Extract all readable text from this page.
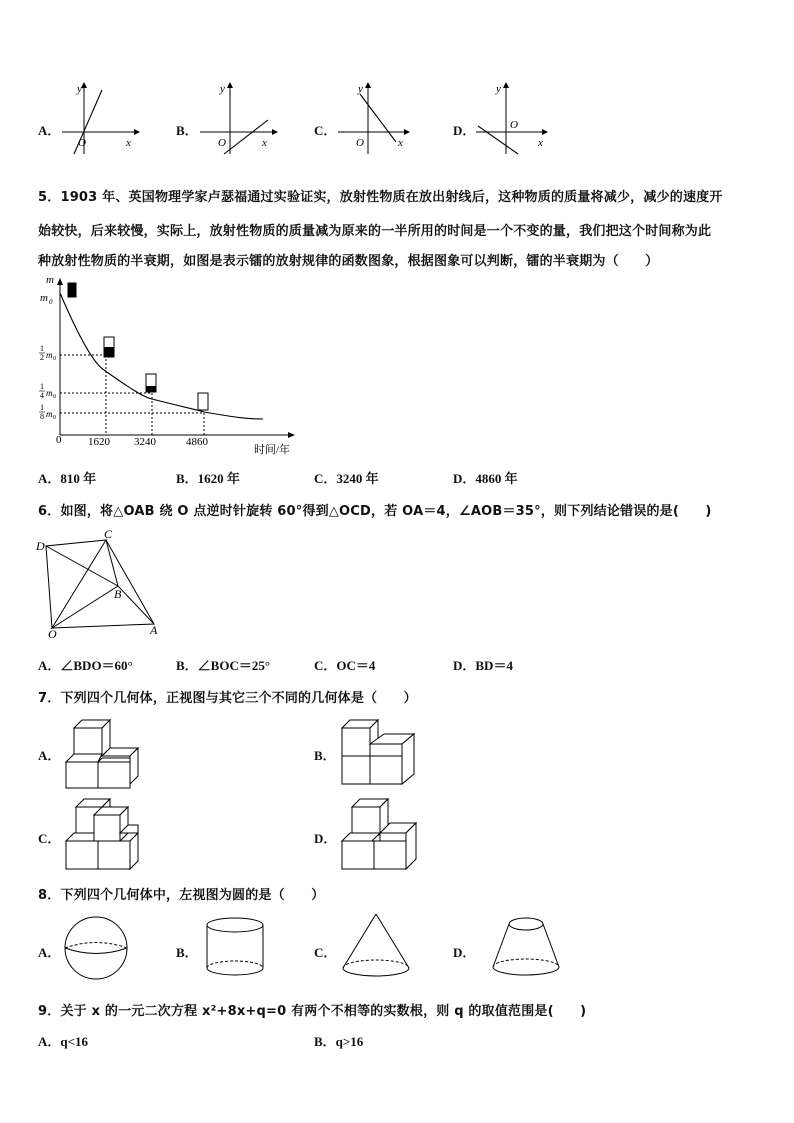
A．
y
x
O
B．
y
x
O
C．
y
x
O
D．
y
x
O
5．1903 年、英国物理学家卢瑟福通过实验证实，放射性物质在放出射线后，这种物质的质量将减少，减少的速度开
始较快，后来较慢，实际上，放射性物质的质量减为原来的一半所用的时间是一个不变的量，我们把这个时间称为此
种放射性物质的半衰期，如图是表示镭的放射规律的函数图象，根据图象可以判断，镭的半衰期为（　　）
m
m 0
1
2 m 0
1
4 m 0
1
8 m 0
0 1620 3240	4860
时间/年
A．810 年	B．1620 年	C．3240 年	D．4860 年
6．如图，将△OAB 绕 O 点逆时针旋转 60°得到△OCD，若 OA＝4，∠AOB＝35°，则下列结论错误的是(　　)
D
C
B
O	A
A．∠BDO＝60°	B．∠BOC＝25°	C．OC＝4	D．BD＝4
7．下列四个几何体，正视图与其它三个不同的几何体是（　　）
A．	B．
C．	D．
8．下列四个几何体中，左视图为圆的是（　　）
A．	B．	C．	D．
9．关于 x 的一元二次方程 x²+8x+q=0 有两个不相等的实数根，则 q 的取值范围是(　　)
A．q<16	B．q>16
